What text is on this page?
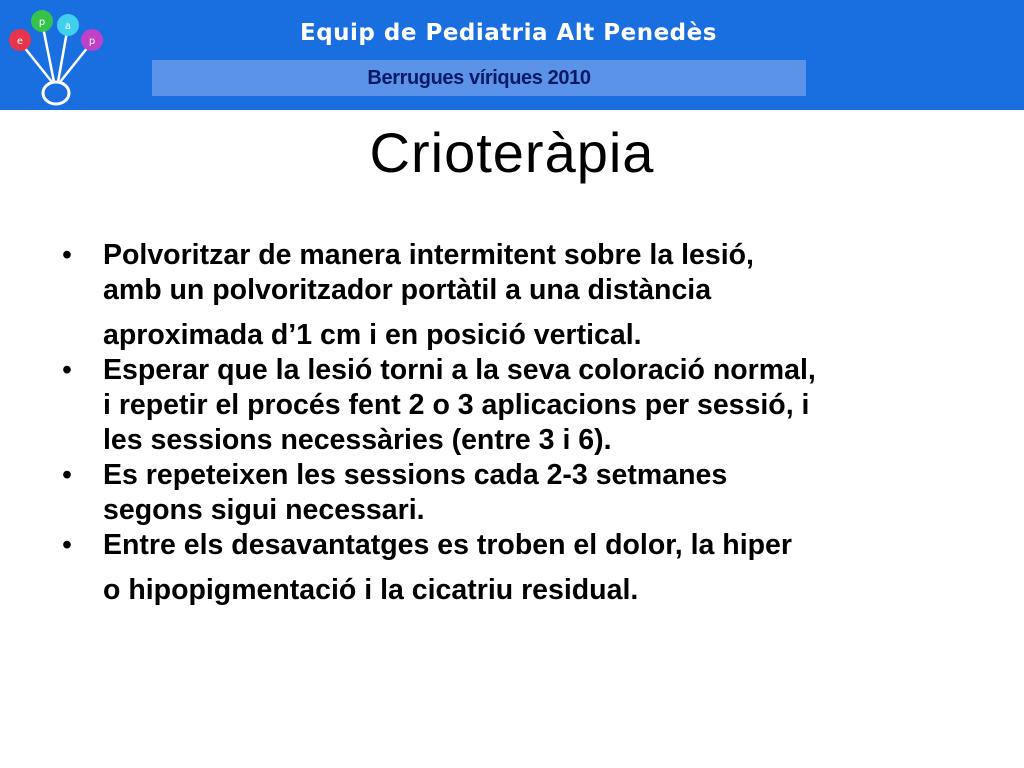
e
p a
p	Equip de Pediatria Alt Penedès
Berrugues víriques 2010
Crioteràpia
• Polvoritzar de manera intermitent sobre la lesió,
amb un polvoritzador portàtil a una distància

aproximada d’1 cm i en posició vertical.
• Esperar que la lesió torni a la seva coloració normal,
i repetir el procés fent 2 o 3 aplicacions per sessió, i
les sessions necessàries (entre 3 i 6).
• Es repeteixen les sessions cada 2-3 setmanes
segons sigui necessari.
• Entre els desavantatges es troben el dolor, la hiper

o hipopigmentació i la cicatriu residual.
